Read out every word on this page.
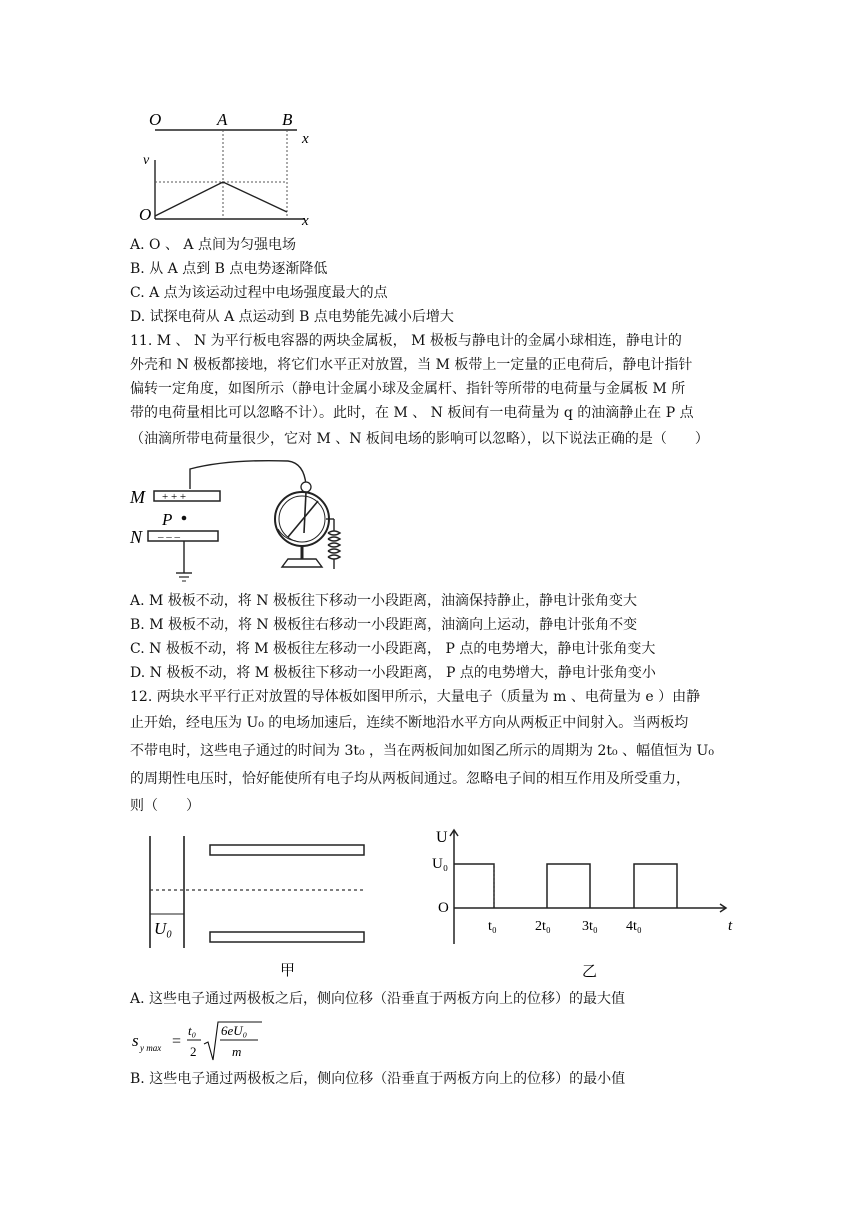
O	A	B
x
v
O	x
A. O 、 A 点间为匀强电场
B. 从 A 点到 B 点电势逐渐降低
C. A 点为该运动过程中电场强度最大的点
D. 试探电荷从 A 点运动到 B 点电势能先减小后增大
11. M 、 N 为平行板电容器的两块金属板， M 极板与静电计的金属小球相连，静电计的
外壳和 N 极板都接地，将它们水平正对放置，当 M 板带上一定量的正电荷后，静电计指针
偏转一定角度，如图所示（静电计金属小球及金属杆、指针等所带的电荷量与金属板 M 所
带的电荷量相比可以忽略不计）。此时，在 M 、 N 板间有一电荷量为 q 的油滴静止在 P 点
（油滴所带电荷量很少，它对 M 、N 板间电场的影响可以忽略），以下说法正确的是（　　）
M + + +
P
N – – –
A. M 极板不动，将 N 极板往下移动一小段距离，油滴保持静止，静电计张角变大
B. M 极板不动，将 N 极板往右移动一小段距离，油滴向上运动，静电计张角不变
C. N 极板不动，将 M 极板往左移动一小段距离， P 点的电势增大，静电计张角变大
D. N 极板不动，将 M 极板往下移动一小段距离， P 点的电势增大，静电计张角变小
12. 两块水平平行正对放置的导体板如图甲所示，大量电子（质量为 m 、电荷量为 e ）由静
止开始，经电压为 U₀ 的电场加速后，连续不断地沿水平方向从两板正中间射入。当两板均
不带电时，这些电子通过的时间为 3t₀ ，当在两板间加如图乙所示的周期为 2t₀ 、幅值恒为 U₀
的周期性电压时，恰好能使所有电子均从两板间通过。忽略电子间的相互作用及所受重力，
则（　　）
U₀
甲
U
U₀
O
t
t₀	2t₀ 3t₀ 4t₀
乙
A. 这些电子通过两极板之后，侧向位移（沿垂直于两板方向上的位移）的最大值
s y max =
t₀
2
6eU₀
m
B. 这些电子通过两极板之后，侧向位移（沿垂直于两板方向上的位移）的最小值
